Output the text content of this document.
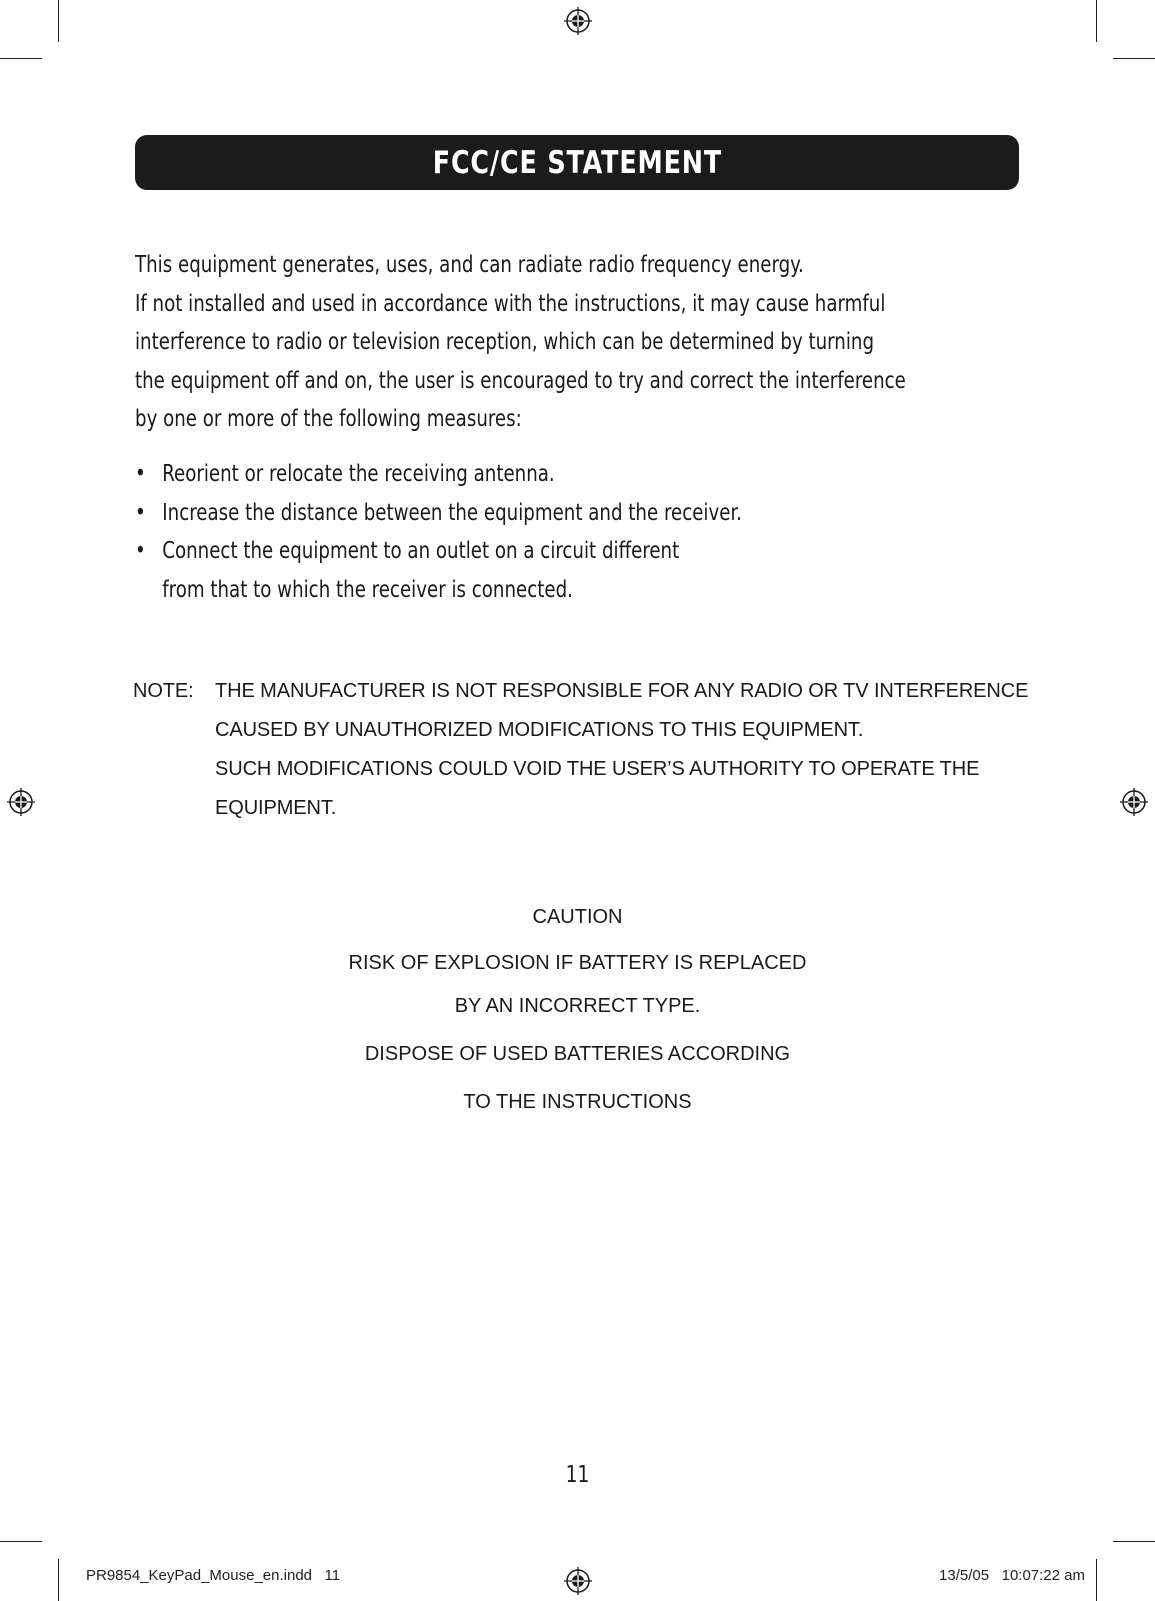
FCC/CE STATEMENT
This equipment generates, uses, and can radiate radio frequency energy.
If not installed and used in accordance with the instructions, it may cause harmful
interference to radio or television reception, which can be determined by turning
the equipment off and on, the user is encouraged to try and correct the interference
by one or more of the following measures:
• Reorient or relocate the receiving antenna.
• Increase the distance between the equipment and the receiver.
• Connect the equipment to an outlet on a circuit different
from that to which the receiver is connected.
NOTE: THE MANUFACTURER IS NOT RESPONSIBLE FOR ANY RADIO OR TV INTERFERENCE
CAUSED BY UNAUTHORIZED MODIFICATIONS TO THIS EQUIPMENT.
SUCH MODIFICATIONS COULD VOID THE USER’S AUTHORITY TO OPERATE THE
EQUIPMENT.
CAUTION
RISK OF EXPLOSION IF BATTERY IS REPLACED
BY AN INCORRECT TYPE.
DISPOSE OF USED BATTERIES ACCORDING
TO THE INSTRUCTIONS
11
PR9854_KeyPad_Mouse_en.indd   11	13/5/05   10:07:22 am
